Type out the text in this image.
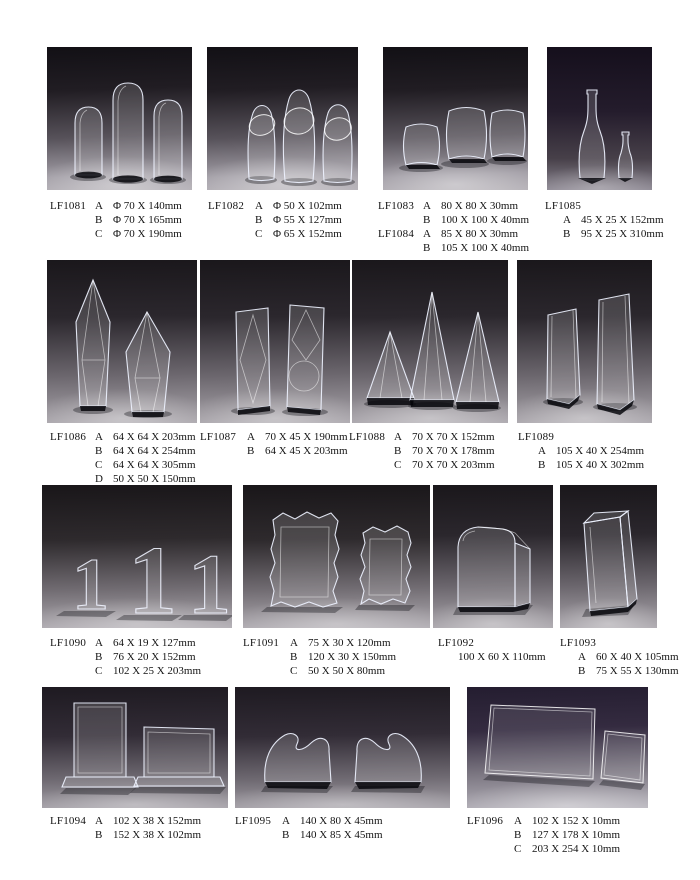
LF1081 A Φ 70 X 140mm
B Φ 70 X 165mm
C Φ 70 X 190mm
LF1082 A Φ 50 X 102mm
B Φ 55 X 127mm
C Φ 65 X 152mm
LF1083 A 80 X 80 X 30mm
B 100 X 100 X 40mm
LF1084 A 85 X 80 X 30mm
B 105 X 100 X 40mm
LF1085
A 45 X 25 X 152mm
B 95 X 25 X 310mm
LF1086 A 64 X 64 X 203mm
B 64 X 64 X 254mm
C 64 X 64 X 305mm
D 50 X 50 X 150mm
LF1087 A 70 X 45 X 190mm
B 64 X 45 X 203mm
LF1088 A 70 X 70 X 152mm
B 70 X 70 X 178mm
C 70 X 70 X 203mm
LF1089
A 105 X 40 X 254mm
B 105 X 40 X 302mm
1 1 1
LF1090 A 64 X 19 X 127mm
B 76 X 20 X 152mm
C 102 X 25 X 203mm
LF1091 A 75 X 30 X 120mm
B 120 X 30 X 150mm
C 50 X 50 X 80mm
LF1092
100 X 60 X 110mm
LF1093
A 60 X 40 X 105mm
B 75 X 55 X 130mm
LF1094 A 102 X 38 X 152mm
B 152 X 38 X 102mm
LF1095 A 140 X 80 X 45mm
B 140 X 85 X 45mm
LF1096 A 102 X 152 X 10mm
B 127 X 178 X 10mm
C 203 X 254 X 10mm
